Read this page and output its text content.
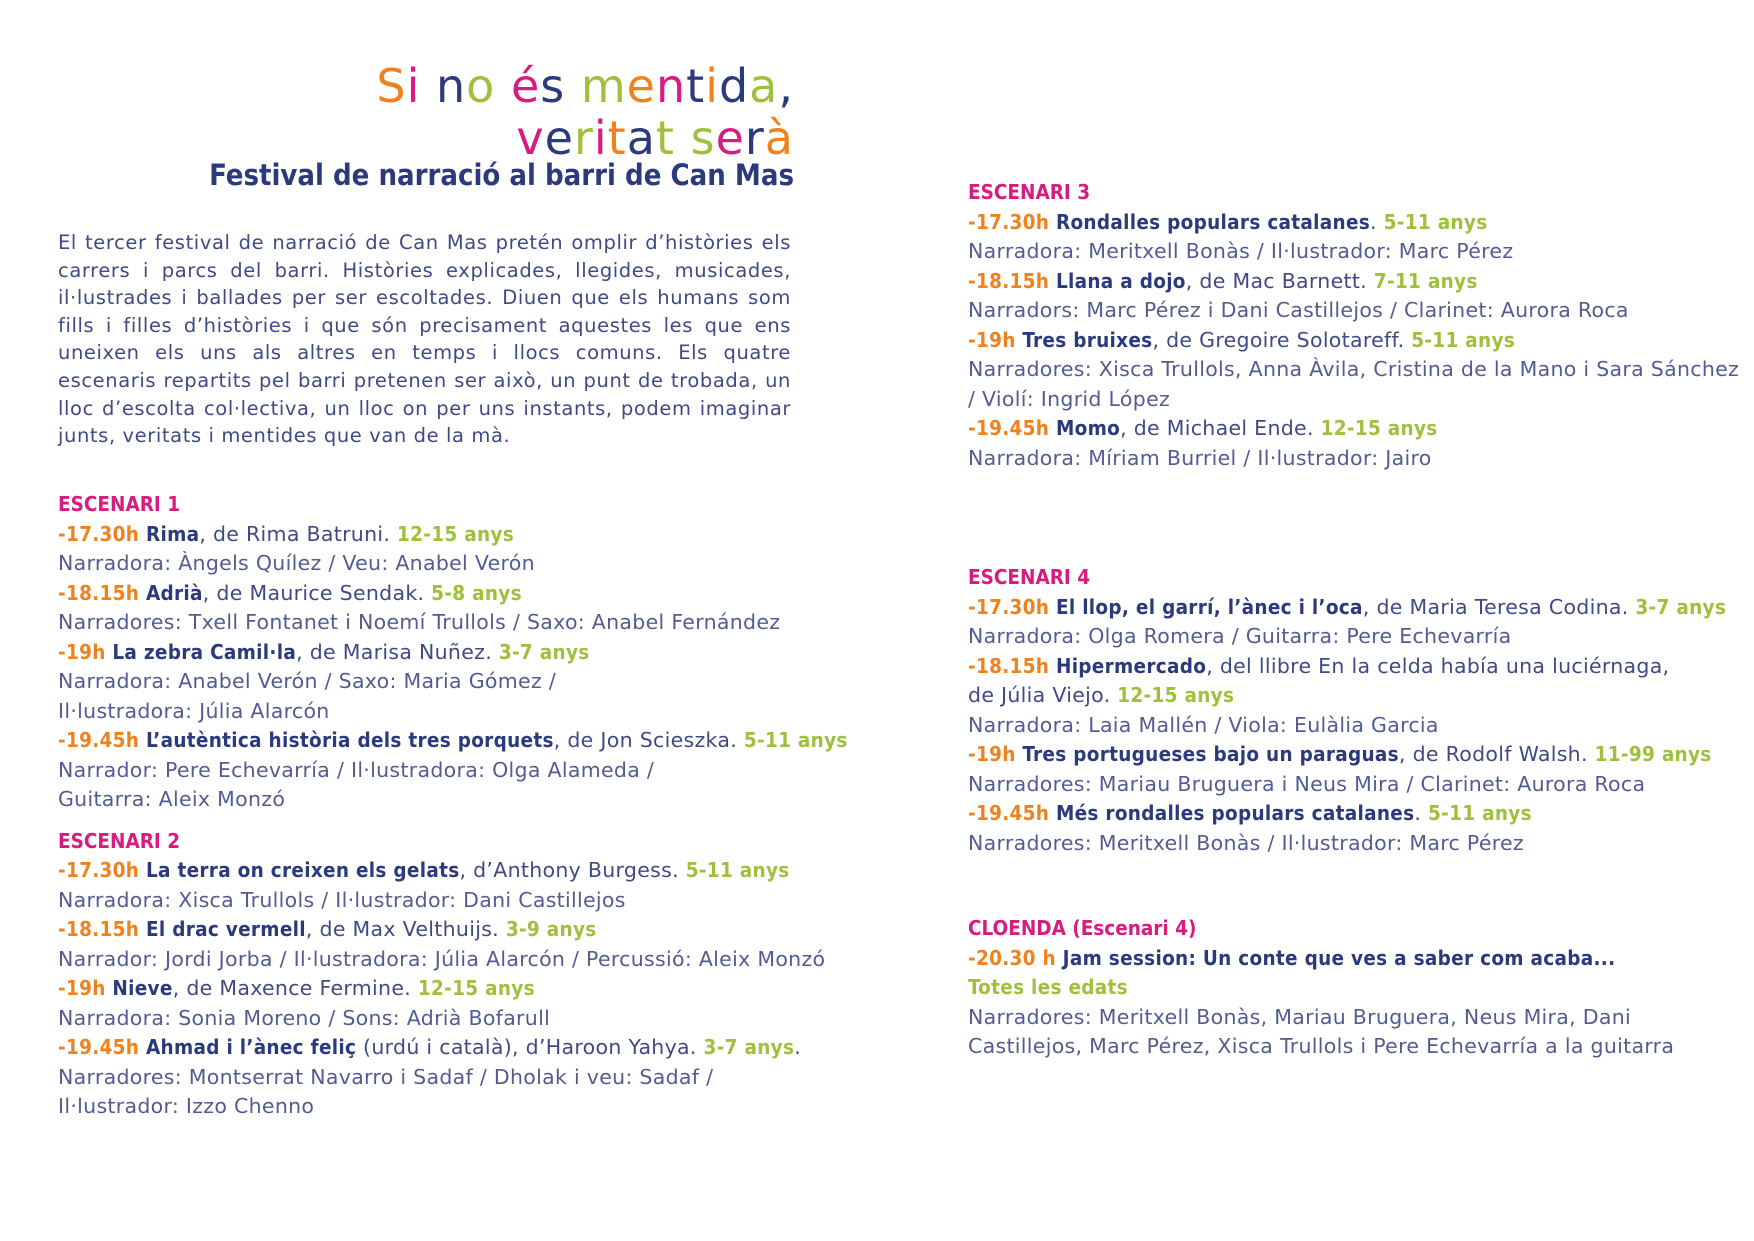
Si no és mentida,
veritat serà
Festival de narració al barri de Can Mas
El tercer festival de narració de Can Mas pretén omplir d’històries els carrers i parcs del barri. Històries explicades, llegides, musicades, il·lustrades i ballades per ser escoltades. Diuen que els humans som fills i filles d’històries i que són precisament aquestes les que ens uneixen els uns als altres en temps i llocs comuns. Els quatre escenaris repartits pel barri pretenen ser això, un punt de trobada, un lloc d’escolta col·lectiva, un lloc on per uns instants, podem imaginar junts, veritats i mentides que van de la mà.
ESCENARI 1
-17.30h Rima, de Rima Batruni. 12-15 anys
Narradora: Àngels Quílez / Veu: Anabel Verón
-18.15h Adrià, de Maurice Sendak. 5-8 anys
Narradores: Txell Fontanet i Noemí Trullols / Saxo: Anabel Fernández
-19h La zebra Camil·la, de Marisa Nuñez. 3-7 anys
Narradora: Anabel Verón / Saxo: Maria Gómez /
Il·lustradora: Júlia Alarcón
-19.45h L’autèntica història dels tres porquets, de Jon Scieszka. 5-11 anys
Narrador: Pere Echevarría / Il·lustradora: Olga Alameda /
Guitarra: Aleix Monzó
ESCENARI 2
-17.30h La terra on creixen els gelats, d’Anthony Burgess. 5-11 anys
Narradora: Xisca Trullols / Il·lustrador: Dani Castillejos
-18.15h El drac vermell, de Max Velthuijs. 3-9 anys
Narrador: Jordi Jorba / Il·lustradora: Júlia Alarcón / Percussió: Aleix Monzó
-19h Nieve, de Maxence Fermine. 12-15 anys
Narradora: Sonia Moreno / Sons: Adrià Bofarull
-19.45h Ahmad i l’ànec feliç (urdú i català), d’Haroon Yahya. 3-7 anys.
Narradores: Montserrat Navarro i Sadaf / Dholak i veu: Sadaf /
Il·lustrador: Izzo Chenno
ESCENARI 3
-17.30h Rondalles populars catalanes. 5-11 anys
Narradora: Meritxell Bonàs / Il·lustrador: Marc Pérez
-18.15h Llana a dojo, de Mac Barnett. 7-11 anys
Narradors: Marc Pérez i Dani Castillejos / Clarinet: Aurora Roca
-19h Tres bruixes, de Gregoire Solotareff. 5-11 anys
Narradores: Xisca Trullols, Anna Àvila, Cristina de la Mano i Sara Sánchez
/ Violí: Ingrid López
-19.45h Momo, de Michael Ende. 12-15 anys
Narradora: Míriam Burriel / Il·lustrador: Jairo
ESCENARI 4
-17.30h El llop, el garrí, l’ànec i l’oca, de Maria Teresa Codina. 3-7 anys
Narradora: Olga Romera / Guitarra: Pere Echevarría
-18.15h Hipermercado, del llibre En la celda había una luciérnaga,
de Júlia Viejo. 12-15 anys
Narradora: Laia Mallén / Viola: Eulàlia Garcia
-19h Tres portugueses bajo un paraguas, de Rodolf Walsh. 11-99 anys
Narradores: Mariau Bruguera i Neus Mira / Clarinet: Aurora Roca
-19.45h Més rondalles populars catalanes. 5-11 anys
Narradores: Meritxell Bonàs / Il·lustrador: Marc Pérez
CLOENDA (Escenari 4)
-20.30 h Jam session: Un conte que ves a saber com acaba...
Totes les edats
Narradores: Meritxell Bonàs, Mariau Bruguera, Neus Mira, Dani
Castillejos, Marc Pérez, Xisca Trullols i Pere Echevarría a la guitarra
